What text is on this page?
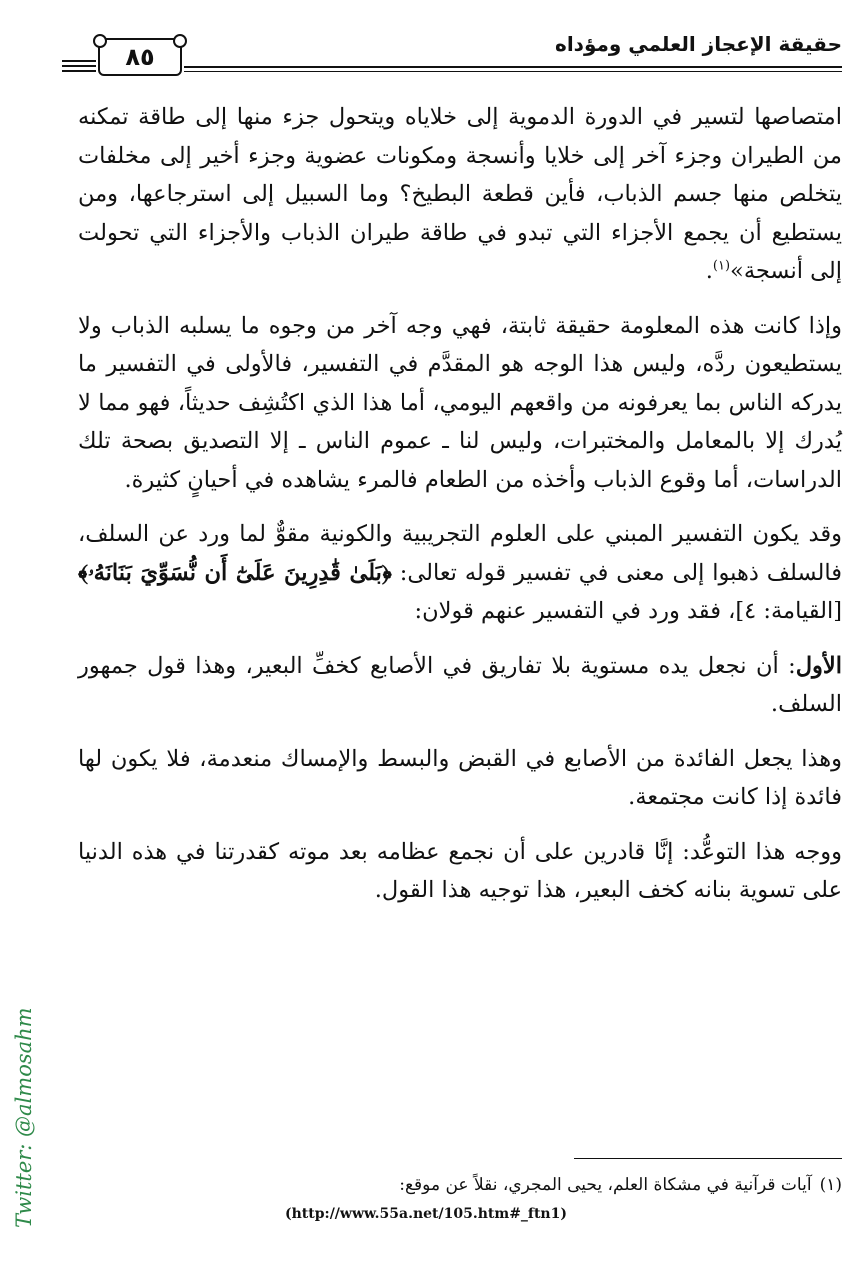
حقيقة الإعجاز العلمي ومؤداه
٨٥

امتصاصها لتسير في الدورة الدموية إلى خلاياه ويتحول جزء منها إلى طاقة تمكنه من الطيران وجزء آخر إلى خلايا وأنسجة ومكونات عضوية وجزء أخير إلى مخلفات يتخلص منها جسم الذباب، فأين قطعة البطيخ؟ وما السبيل إلى استرجاعها، ومن يستطيع أن يجمع الأجزاء التي تبدو في طاقة طيران الذباب والأجزاء التي تحولت إلى أنسجة»$^{(١)}$.

وإذا كانت هذه المعلومة حقيقة ثابتة، فهي وجه آخر من وجوه ما يسلبه الذباب ولا يستطيعون ردَّه، وليس هذا الوجه هو المقدَّم في التفسير، فالأولى في التفسير ما يدركه الناس بما يعرفونه من واقعهم اليومي، أما هذا الذي اكتُشِف حديثاً، فهو مما لا يُدرك إلا بالمعامل والمختبرات، وليس لنا ـ عموم الناس ـ إلا التصديق بصحة تلك الدراسات، أما وقوع الذباب وأخذه من الطعام فالمرء يشاهده في أحيانٍ كثيرة.

وقد يكون التفسير المبني على العلوم التجريبية والكونية مقوٌّ لما ورد عن السلف، فالسلف ذهبوا إلى معنى في تفسير قوله تعالى: ﴿بَلَىٰ قَٰدِرِينَ عَلَىٰٓ أَن نُّسَوِّيَ بَنَانَهُۥ﴾ [القيامة: ٤]، فقد ورد في التفسير عنهم قولان:

الأول: أن نجعل يده مستوية بلا تفاريق في الأصابع كخفِّ البعير، وهذا قول جمهور السلف.

وهذا يجعل الفائدة من الأصابع في القبض والبسط والإمساك منعدمة، فلا يكون لها فائدة إذا كانت مجتمعة.

ووجه هذا التوعُّد: إنَّا قادرين على أن نجمع عظامه بعد موته كقدرتنا في هذه الدنيا على تسوية بنانه كخف البعير، هذا توجيه هذا القول.

(١)آيات قرآنية في مشكاة العلم، يحيى المجري، نقلاً عن موقع:
(http://www.55a.net/105.htm#_ftn1)
Twitter: @almosahm
